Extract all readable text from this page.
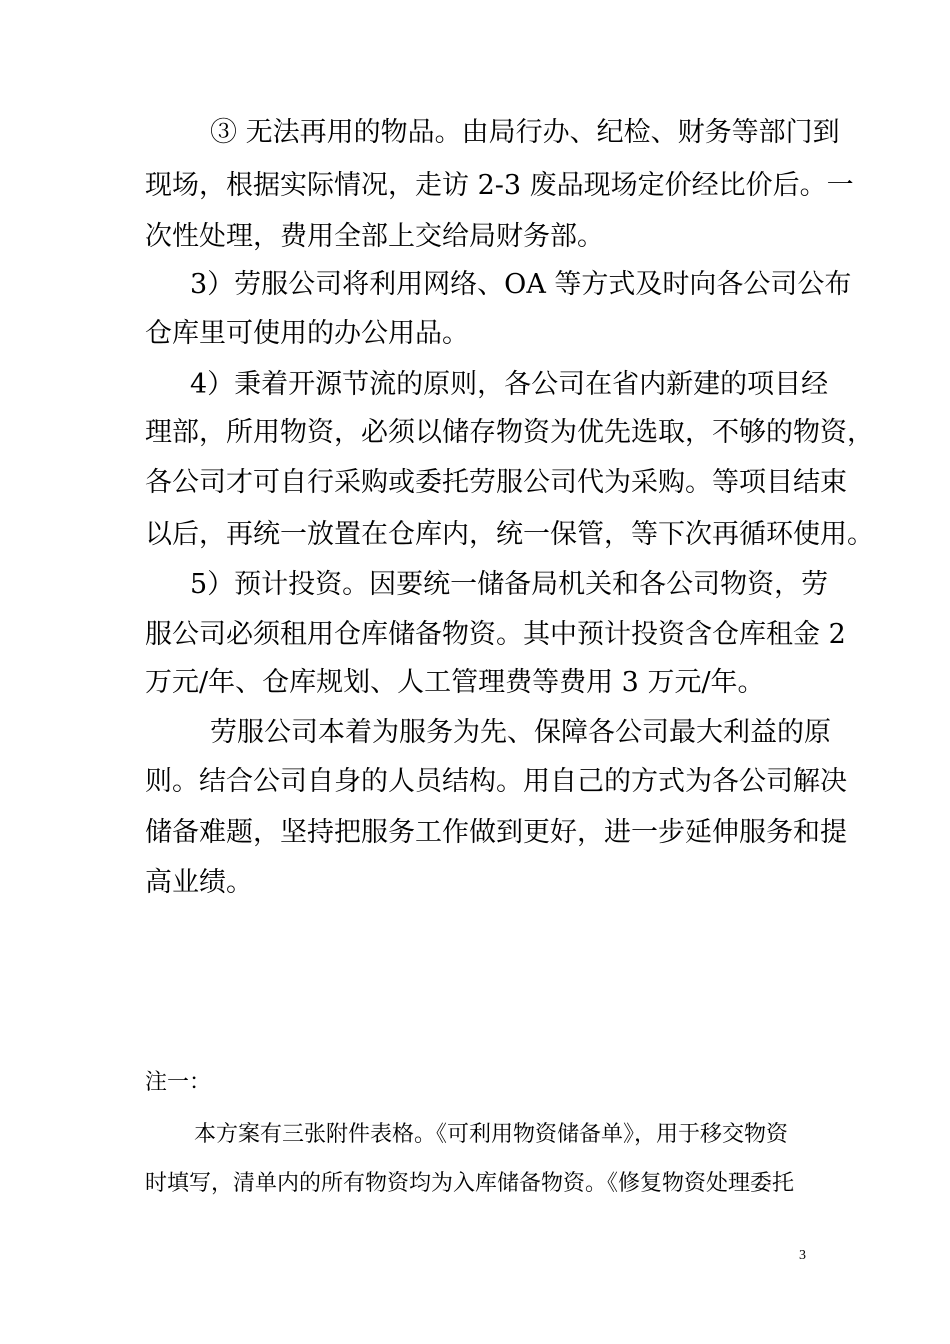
③ 无法再用的物品。由局行办、纪检、财务等部门到
现场，根据实际情况，走访 2-3 废品现场定价经比价后。一
次性处理，费用全部上交给局财务部。
3）劳服公司将利用网络、OA 等方式及时向各公司公布
仓库里可使用的办公用品。
4）秉着开源节流的原则，各公司在省内新建的项目经
理部，所用物资，必须以储存物资为优先选取，不够的物资，
各公司才可自行采购或委托劳服公司代为采购。等项目结束
以后，再统一放置在仓库内，统一保管，等下次再循环使用。
5）预计投资。因要统一储备局机关和各公司物资，劳
服公司必须租用仓库储备物资。其中预计投资含仓库租金 2
万元/年、仓库规划、人工管理费等费用 3 万元/年。
劳服公司本着为服务为先、保障各公司最大利益的原
则。结合公司自身的人员结构。用自己的方式为各公司解决
储备难题，坚持把服务工作做到更好，进一步延伸服务和提
高业绩。
注一：
本方案有三张附件表格。《可利用物资储备单》，用于移交物资
时填写，清单内的所有物资均为入库储备物资。《修复物资处理委托
3
